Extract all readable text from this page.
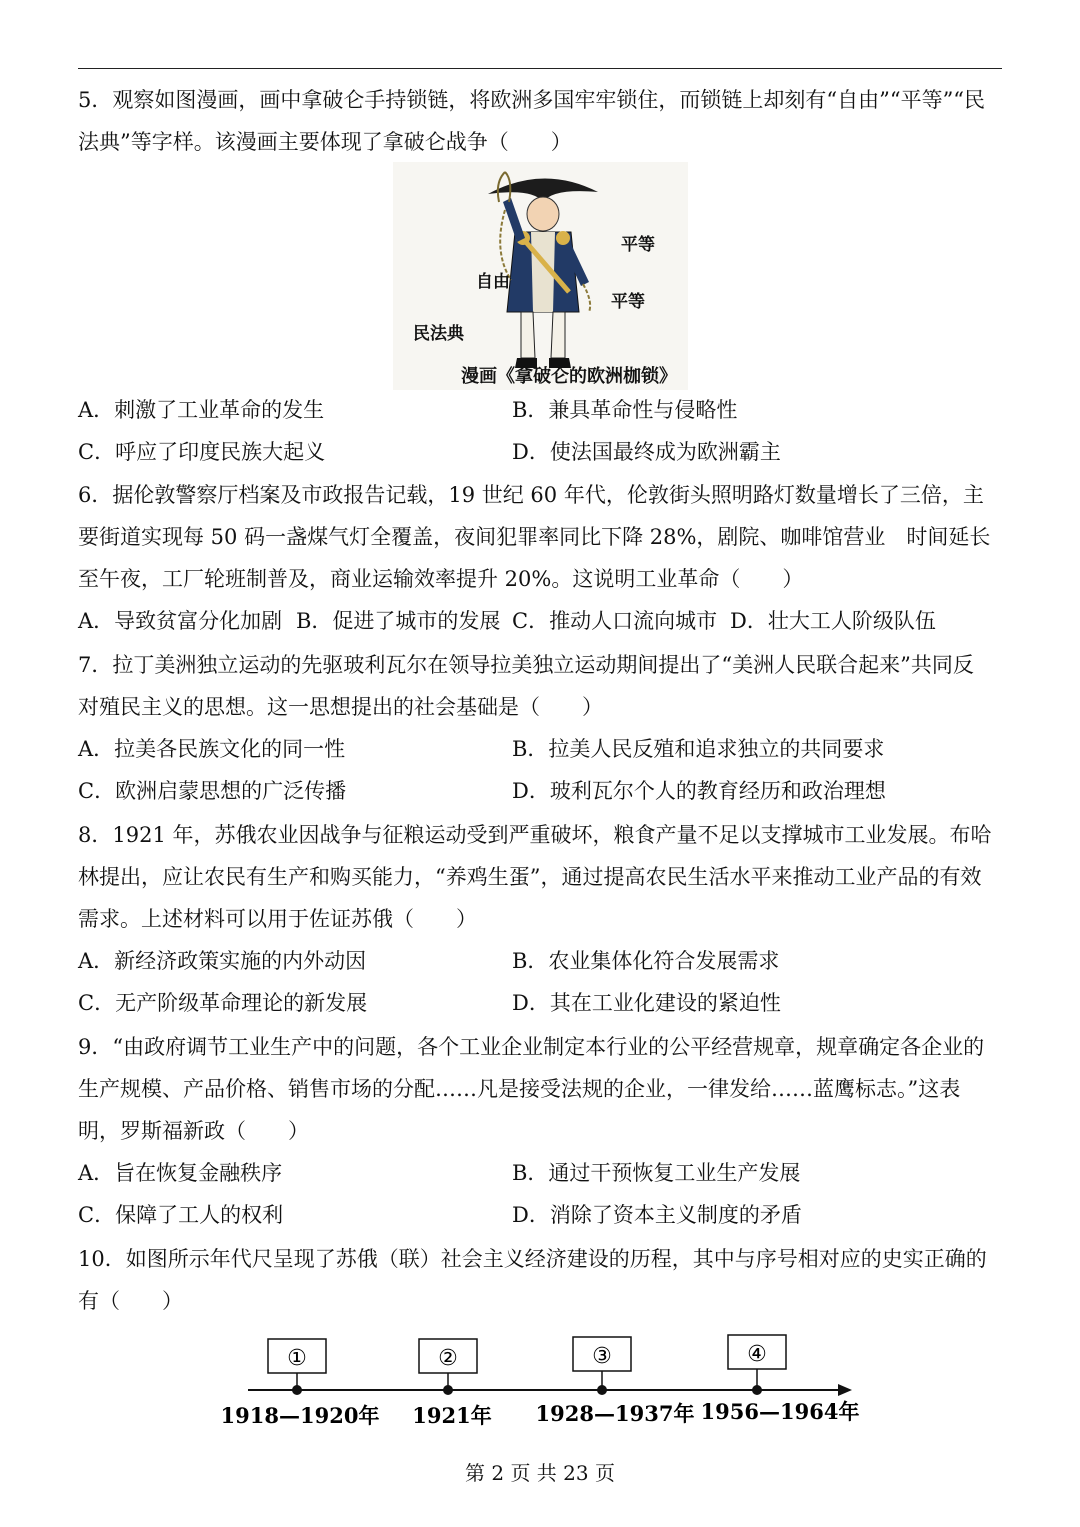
5．观察如图漫画，画中拿破仑手持锁链，将欧洲多国牢牢锁住，而锁链上却刻有“自由”“平等”“民
法典”等字样。该漫画主要体现了拿破仑战争（　　）
平等
自由
平等
民法典
漫画《拿破仑的欧洲枷锁》
A．刺激了工业革命的发生	B．兼具革命性与侵略性
C．呼应了印度民族大起义	D．使法国最终成为欧洲霸主
6．据伦敦警察厅档案及市政报告记载，19 世纪 60 年代，伦敦街头照明路灯数量增长了三倍，主
要街道实现每 50 码一盏煤气灯全覆盖，夜间犯罪率同比下降 28%，剧院、咖啡馆营业　时间延长
至午夜，工厂轮班制普及，商业运输效率提升 20%。这说明工业革命（　　）
A．导致贫富分化加剧 B．促进了城市的发展 C．推动人口流向城市 D．壮大工人阶级队伍
7．拉丁美洲独立运动的先驱玻利瓦尔在领导拉美独立运动期间提出了“美洲人民联合起来”共同反
对殖民主义的思想。这一思想提出的社会基础是（　　）
A．拉美各民族文化的同一性	B．拉美人民反殖和追求独立的共同要求
C．欧洲启蒙思想的广泛传播	D．玻利瓦尔个人的教育经历和政治理想
8．1921 年，苏俄农业因战争与征粮运动受到严重破坏，粮食产量不足以支撑城市工业发展。布哈
林提出，应让农民有生产和购买能力，“养鸡生蛋”，通过提高农民生活水平来推动工业产品的有效
需求。上述材料可以用于佐证苏俄（　　）
A．新经济政策实施的内外动因	B．农业集体化符合发展需求
C．无产阶级革命理论的新发展	D．其在工业化建设的紧迫性
9．“由政府调节工业生产中的问题，各个工业企业制定本行业的公平经营规章，规章确定各企业的
生产规模、产品价格、销售市场的分配……凡是接受法规的企业，一律发给……蓝鹰标志。”这表
明，罗斯福新政（　　）
A．旨在恢复金融秩序	B．通过干预恢复工业生产发展
C．保障了工人的权利	D．消除了资本主义制度的矛盾
10．如图所示年代尺呈现了苏俄（联）社会主义经济建设的历程，其中与序号相对应的史实正确的
有（　　）
①	②	③	④
1918—1920年 1921年 1928—1937年 1956—1964年
第 2 页 共 23 页
